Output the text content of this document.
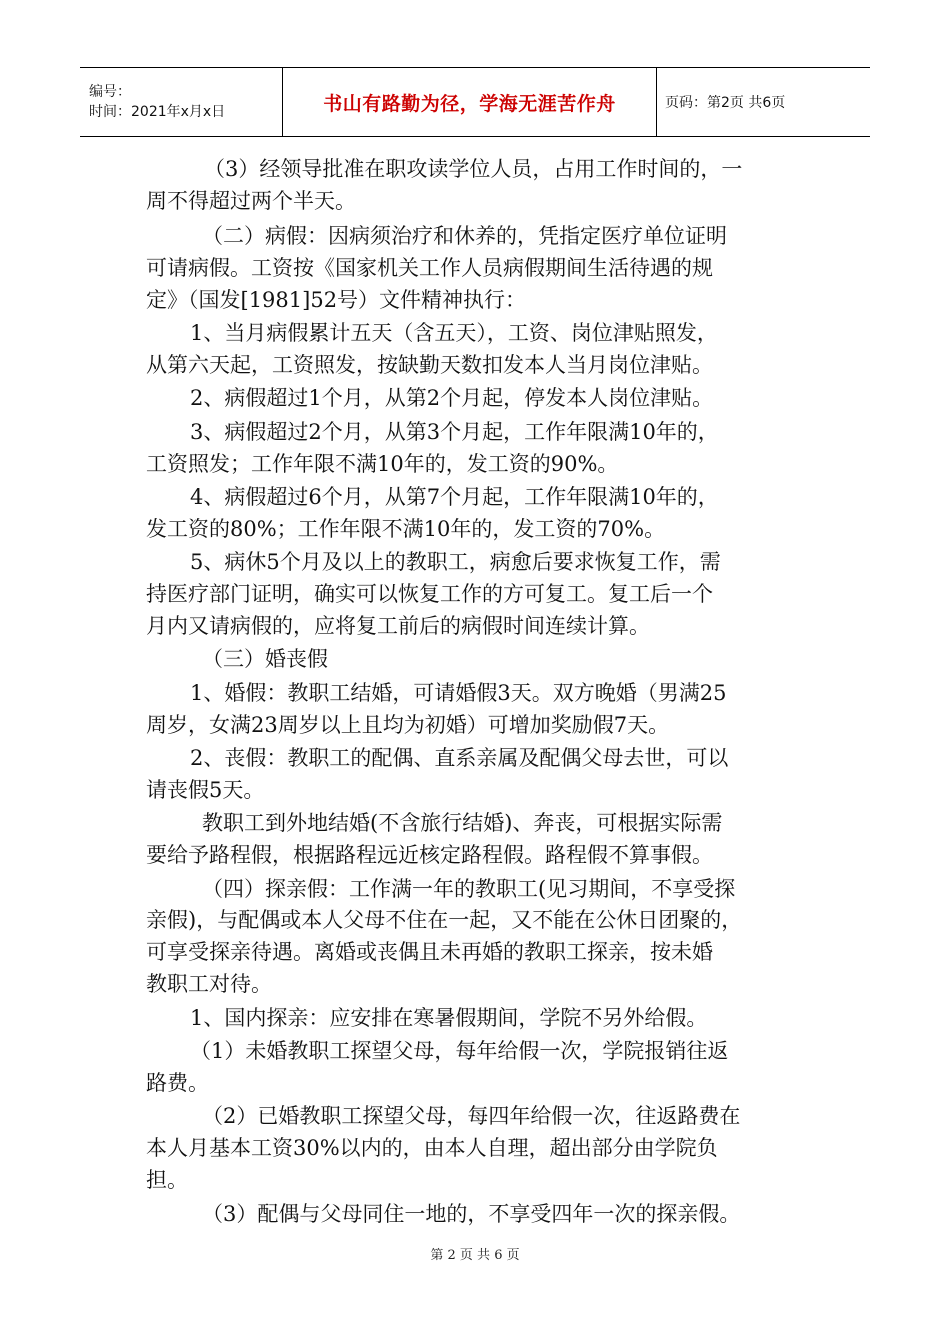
编号：
时间：2021年x月x日	书山有路勤为径，学海无涯苦作舟	页码：第2页 共6页
（3）经领导批准在职攻读学位人员，占用工作时间的，一
周不得超过两个半天。
（二）病假：因病须治疗和休养的，凭指定医疗单位证明
可请病假。工资按《国家机关工作人员病假期间生活待遇的规
定》（国发[1981]52号）文件精神执行：
1、当月病假累计五天（含五天），工资、岗位津贴照发，
从第六天起，工资照发，按缺勤天数扣发本人当月岗位津贴。
2、病假超过1个月，从第2个月起，停发本人岗位津贴。
3、病假超过2个月，从第3个月起，工作年限满10年的，
工资照发；工作年限不满10年的，发工资的90%。
4、病假超过6个月，从第7个月起，工作年限满10年的，
发工资的80%；工作年限不满10年的，发工资的70%。
5、病休5个月及以上的教职工，病愈后要求恢复工作，需
持医疗部门证明，确实可以恢复工作的方可复工。复工后一个
月内又请病假的，应将复工前后的病假时间连续计算。
（三）婚丧假
1、婚假：教职工结婚，可请婚假3天。双方晚婚（男满25
周岁，女满23周岁以上且均为初婚）可增加奖励假7天。
2、丧假：教职工的配偶、直系亲属及配偶父母去世，可以
请丧假5天。
教职工到外地结婚(不含旅行结婚)、奔丧，可根据实际需
要给予路程假，根据路程远近核定路程假。路程假不算事假。
（四）探亲假：工作满一年的教职工(见习期间，不享受探
亲假)，与配偶或本人父母不住在一起，又不能在公休日团聚的，
可享受探亲待遇。离婚或丧偶且未再婚的教职工探亲，按未婚
教职工对待。
1、国内探亲：应安排在寒暑假期间，学院不另外给假。
（1）未婚教职工探望父母，每年给假一次，学院报销往返
路费。
（2）已婚教职工探望父母，每四年给假一次，往返路费在
本人月基本工资30%以内的，由本人自理，超出部分由学院负
担。
（3）配偶与父母同住一地的，不享受四年一次的探亲假。
第 2 页 共 6 页
